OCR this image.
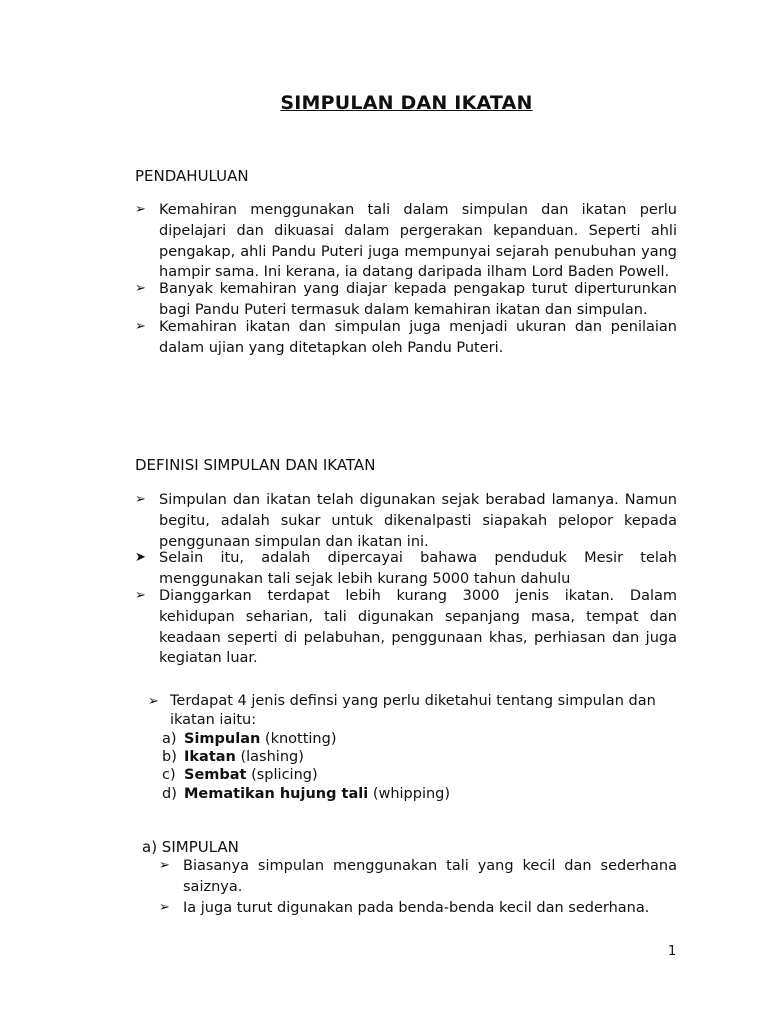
SIMPULAN DAN IKATAN
PENDAHULUAN
➢ Kemahiran menggunakan tali dalam simpulan dan ikatan perlu dipelajari dan dikuasai dalam pergerakan kepanduan. Seperti ahli pengakap, ahli Pandu Puteri juga mempunyai sejarah penubuhan yang hampir sama. Ini kerana, ia datang daripada ilham Lord Baden Powell.
➢ Banyak kemahiran yang diajar kepada pengakap turut diperturunkan bagi Pandu Puteri termasuk dalam kemahiran ikatan dan simpulan.
➢ Kemahiran ikatan dan simpulan juga menjadi ukuran dan penilaian dalam ujian yang ditetapkan oleh Pandu Puteri.
DEFINISI SIMPULAN DAN IKATAN
➢ Simpulan dan ikatan telah digunakan sejak berabad lamanya. Namun begitu, adalah sukar untuk dikenalpasti siapakah pelopor kepada penggunaan simpulan dan ikatan ini.
➤ Selain itu, adalah dipercayai bahawa penduduk Mesir telah menggunakan tali sejak lebih kurang 5000 tahun dahulu
➢ Dianggarkan terdapat lebih kurang 3000 jenis ikatan. Dalam kehidupan seharian, tali digunakan sepanjang masa, tempat dan keadaan seperti di pelabuhan, penggunaan khas, perhiasan dan juga kegiatan luar.
➢ Terdapat 4 jenis definsi yang perlu diketahui tentang simpulan dan ikatan iaitu:
a) Simpulan (knotting)
b) Ikatan (lashing)
c) Sembat (splicing)
d) Mematikan hujung tali (whipping)
a) SIMPULAN
➢ Biasanya simpulan menggunakan tali yang kecil dan sederhana saiznya.
➢ Ia juga turut digunakan pada benda-benda kecil dan sederhana.
1
